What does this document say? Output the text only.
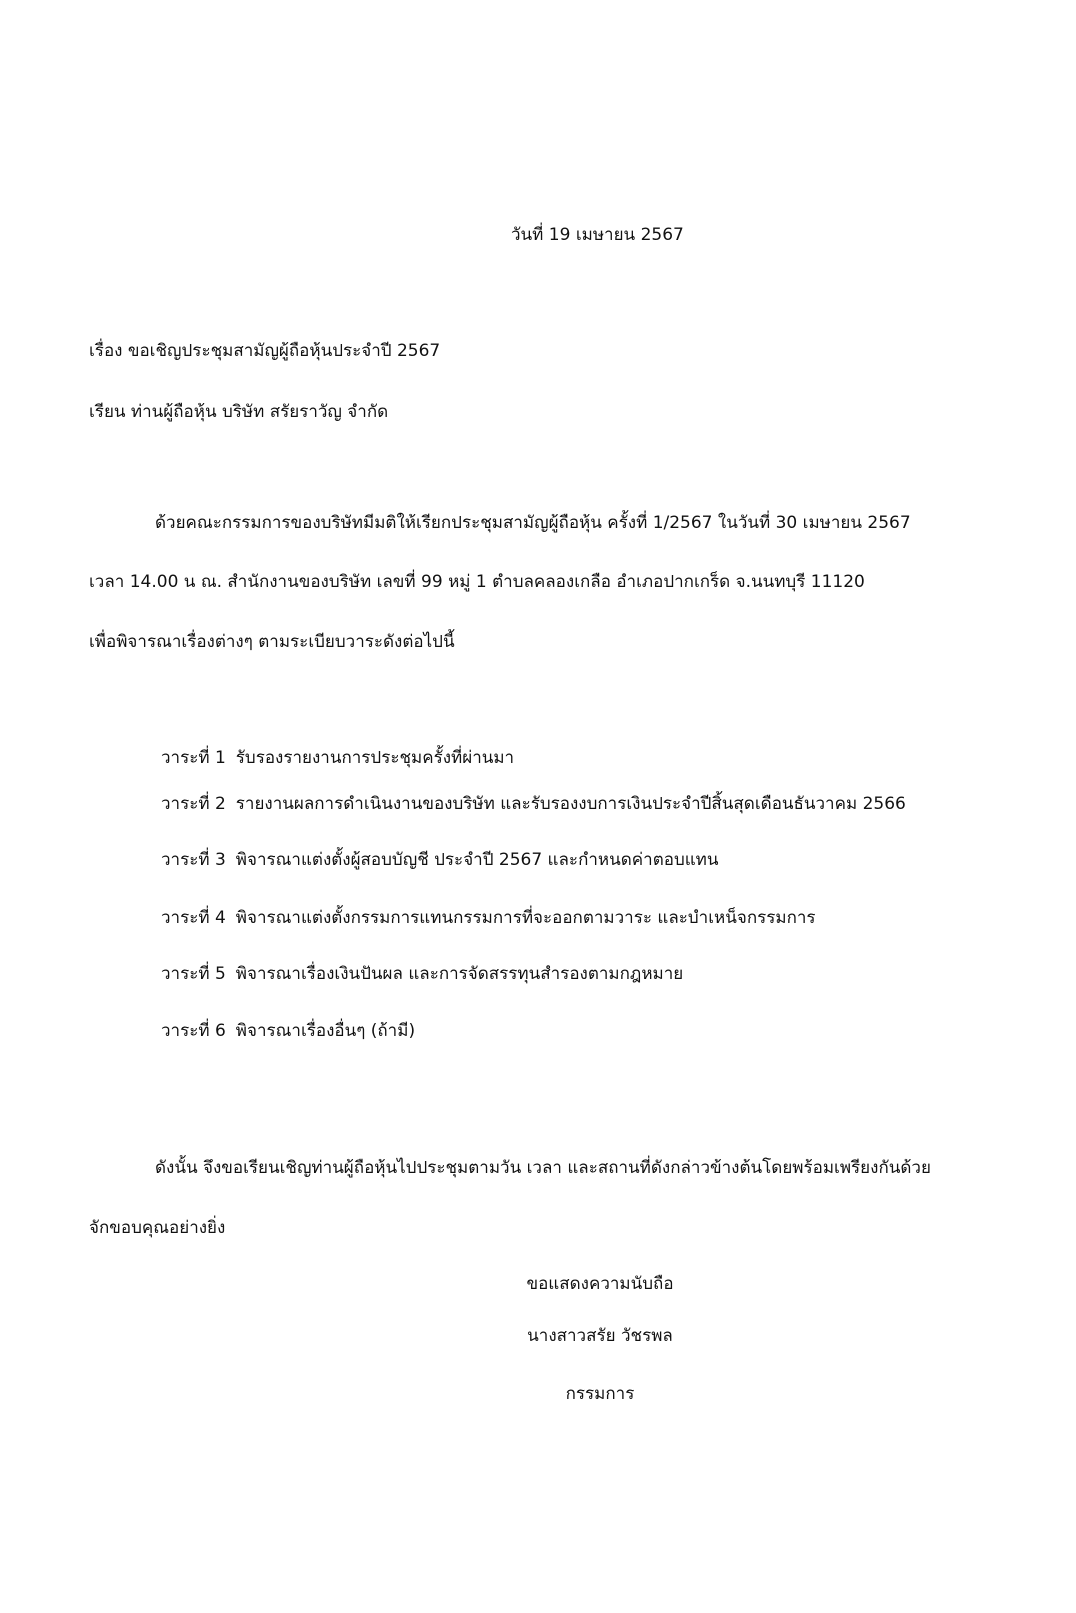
วันที่ 19 เมษายน 2567
เรื่อง ขอเชิญประชุมสามัญผู้ถือหุ้นประจำปี 2567
เรียน ท่านผู้ถือหุ้น บริษัท สรัยราวัญ จำกัด
ด้วยคณะกรรมการของบริษัทมีมติให้เรียกประชุมสามัญผู้ถือหุ้น ครั้งที่ 1/2567 ในวันที่ 30 เมษายน 2567
เวลา 14.00 น ณ. สำนักงานของบริษัท เลขที่ 99 หมู่ 1 ตำบลคลองเกลือ อำเภอปากเกร็ด จ.นนทบุรี 11120
เพื่อพิจารณาเรื่องต่างๆ ตามระเบียบวาระดังต่อไปนี้
วาระที่ 1 รับรองรายงานการประชุมครั้งที่ผ่านมา
วาระที่ 2 รายงานผลการดำเนินงานของบริษัท และรับรองงบการเงินประจำปีสิ้นสุดเดือนธันวาคม 2566
วาระที่ 3 พิจารณาแต่งตั้งผู้สอบบัญชี ประจำปี 2567 และกำหนดค่าตอบแทน
วาระที่ 4 พิจารณาแต่งตั้งกรรมการแทนกรรมการที่จะออกตามวาระ และบำเหน็จกรรมการ
วาระที่ 5 พิจารณาเรื่องเงินปันผล และการจัดสรรทุนสำรองตามกฎหมาย
วาระที่ 6 พิจารณาเรื่องอื่นๆ (ถ้ามี)
ดังนั้น จึงขอเรียนเชิญท่านผู้ถือหุ้นไปประชุมตามวัน เวลา และสถานที่ดังกล่าวข้างต้นโดยพร้อมเพรียงกันด้วย
จักขอบคุณอย่างยิ่ง
ขอแสดงความนับถือ
นางสาวสรัย วัชรพล
กรรมการ
